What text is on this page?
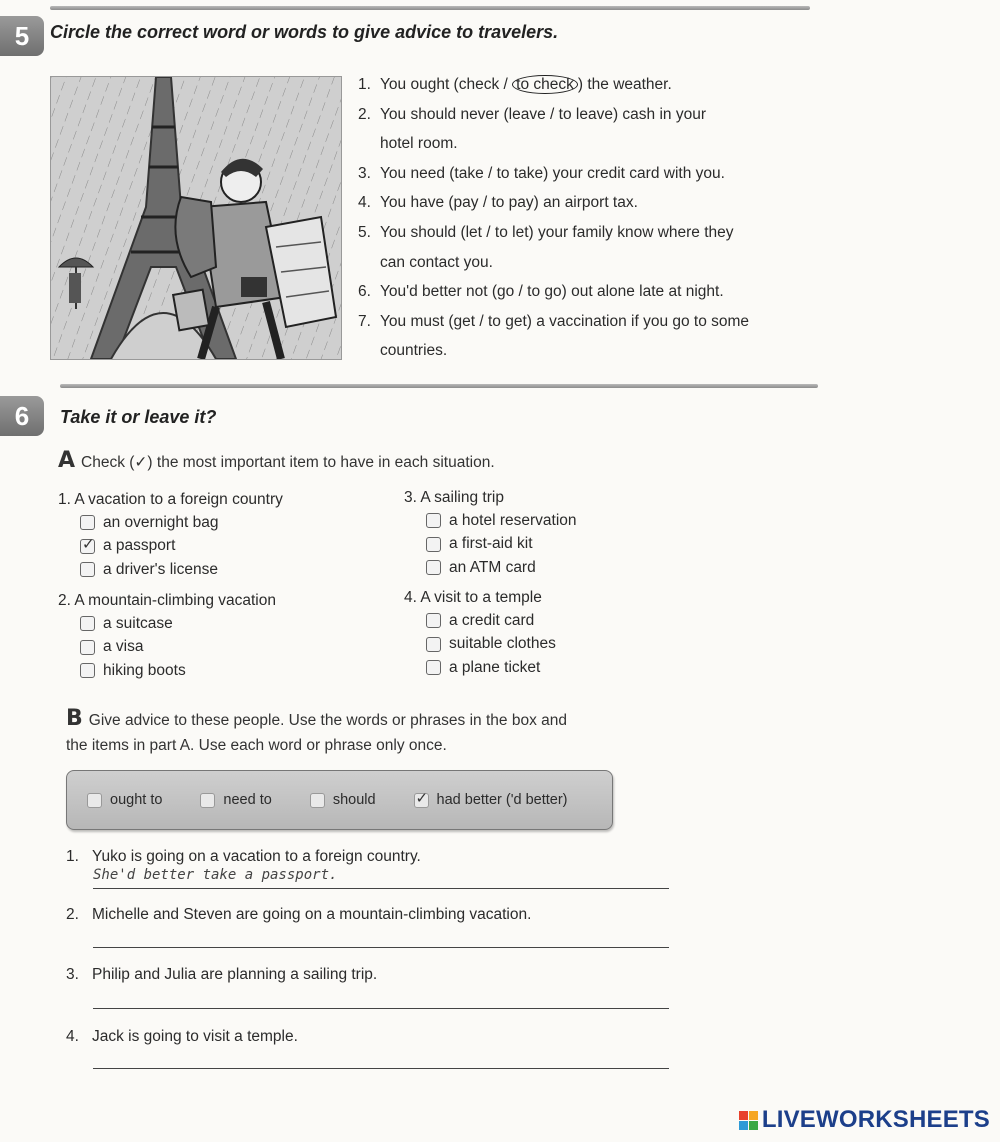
5	Circle the correct word or words to give advice to travelers.
1. You ought (check / to check ) the weather.
2. You should never (leave / to leave) cash in your
hotel room.
3. You need (take / to take) your credit card with you.
4. You have (pay / to pay) an airport tax.
5. You should (let / to let) your family know where they
can contact you.
6. You'd better not (go / to go) out alone late at night.
7. You must (get / to get) a vaccination if you go to some
countries.
6	Take it or leave it?
A Check (✓) the most important item to have in each situation.
1. A vacation to a foreign country
an overnight bag
✓
a passport
a driver's license
2. A mountain-climbing vacation
a suitcase
a visa
hiking boots
3. A sailing trip
a hotel reservation
a first-aid kit
an ATM card
4. A visit to a temple
a credit card
suitable clothes
a plane ticket
B Give advice to these people. Use the words or phrases in the box and
the items in part A. Use each word or phrase only once.
ought to	need to	should
✓	had better ('d better)
1. Yuko is going on a vacation to a foreign country.
She'd better take a passport.
2. Michelle and Steven are going on a mountain-climbing vacation.
3. Philip and Julia are planning a sailing trip.
4. Jack is going to visit a temple.
LIVEWORKSHEETS
